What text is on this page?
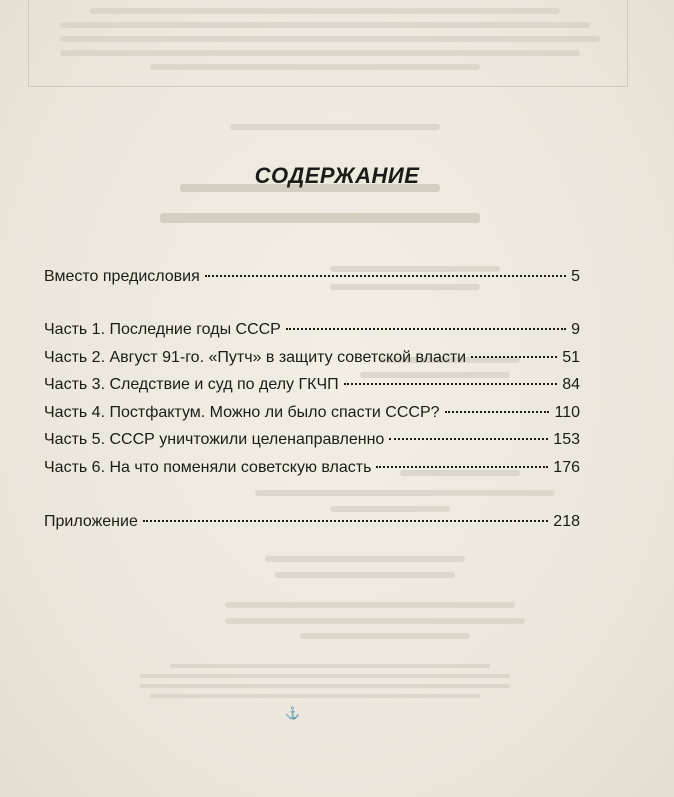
⚓
СОДЕРЖАНИЕ
Вместо предисловия	5
Часть 1. Последние годы СССР	9
Часть 2. Август 91-го. «Путч» в защиту советской власти	51
Часть 3. Следствие и суд по делу ГКЧП	84
Часть 4. Постфактум. Можно ли было спасти СССР?	110
Часть 5. СССР уничтожили целенаправленно	153
Часть 6. На что поменяли советскую власть	176
Приложение	218
